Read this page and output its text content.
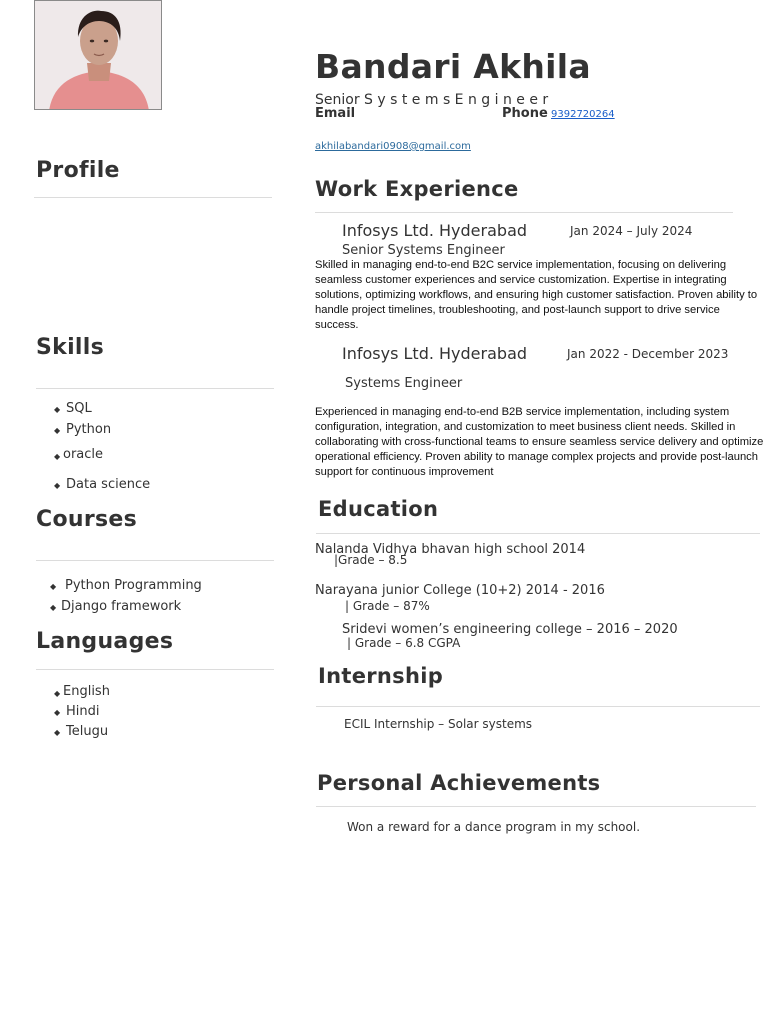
Profile
Skills
◆ SQL
◆ Python
◆ oracle
◆ Data science
Courses
◆ Python Programming
◆ Django framework
Languages
◆ English
◆ Hindi
◆ Telugu
Bandari Akhila
Senior S y s t e m s E n g i n e e r
Email	Phone 9392720264
akhilabandari0908@gmail.com
Work Experience
Infosys Ltd. Hyderabad	Jan 2024 – July 2024
Senior Systems Engineer
Skilled in managing end-to-end B2C service implementation, focusing on delivering seamless customer experiences and service customization. Expertise in integrating solutions, optimizing workflows, and ensuring high customer satisfaction. Proven ability to handle project timelines, troubleshooting, and post-launch support to drive service success.
Infosys Ltd. Hyderabad	Jan 2022 - December 2023
Systems Engineer
Experienced in managing end-to-end B2B service implementation, including system configuration, integration, and customization to meet business client needs. Skilled in collaborating with cross-functional teams to ensure seamless service delivery and optimize operational efficiency. Proven ability to manage complex projects and provide post-launch support for continuous improvement
Education
Nalanda Vidhya bhavan high school 2014
|Grade – 8.5
Narayana junior College (10+2) 2014 - 2016
| Grade – 87%
Sridevi women’s engineering college – 2016 – 2020
| Grade – 6.8 CGPA
Internship
ECIL Internship – Solar systems
Personal Achievements
Won a reward for a dance program in my school.
